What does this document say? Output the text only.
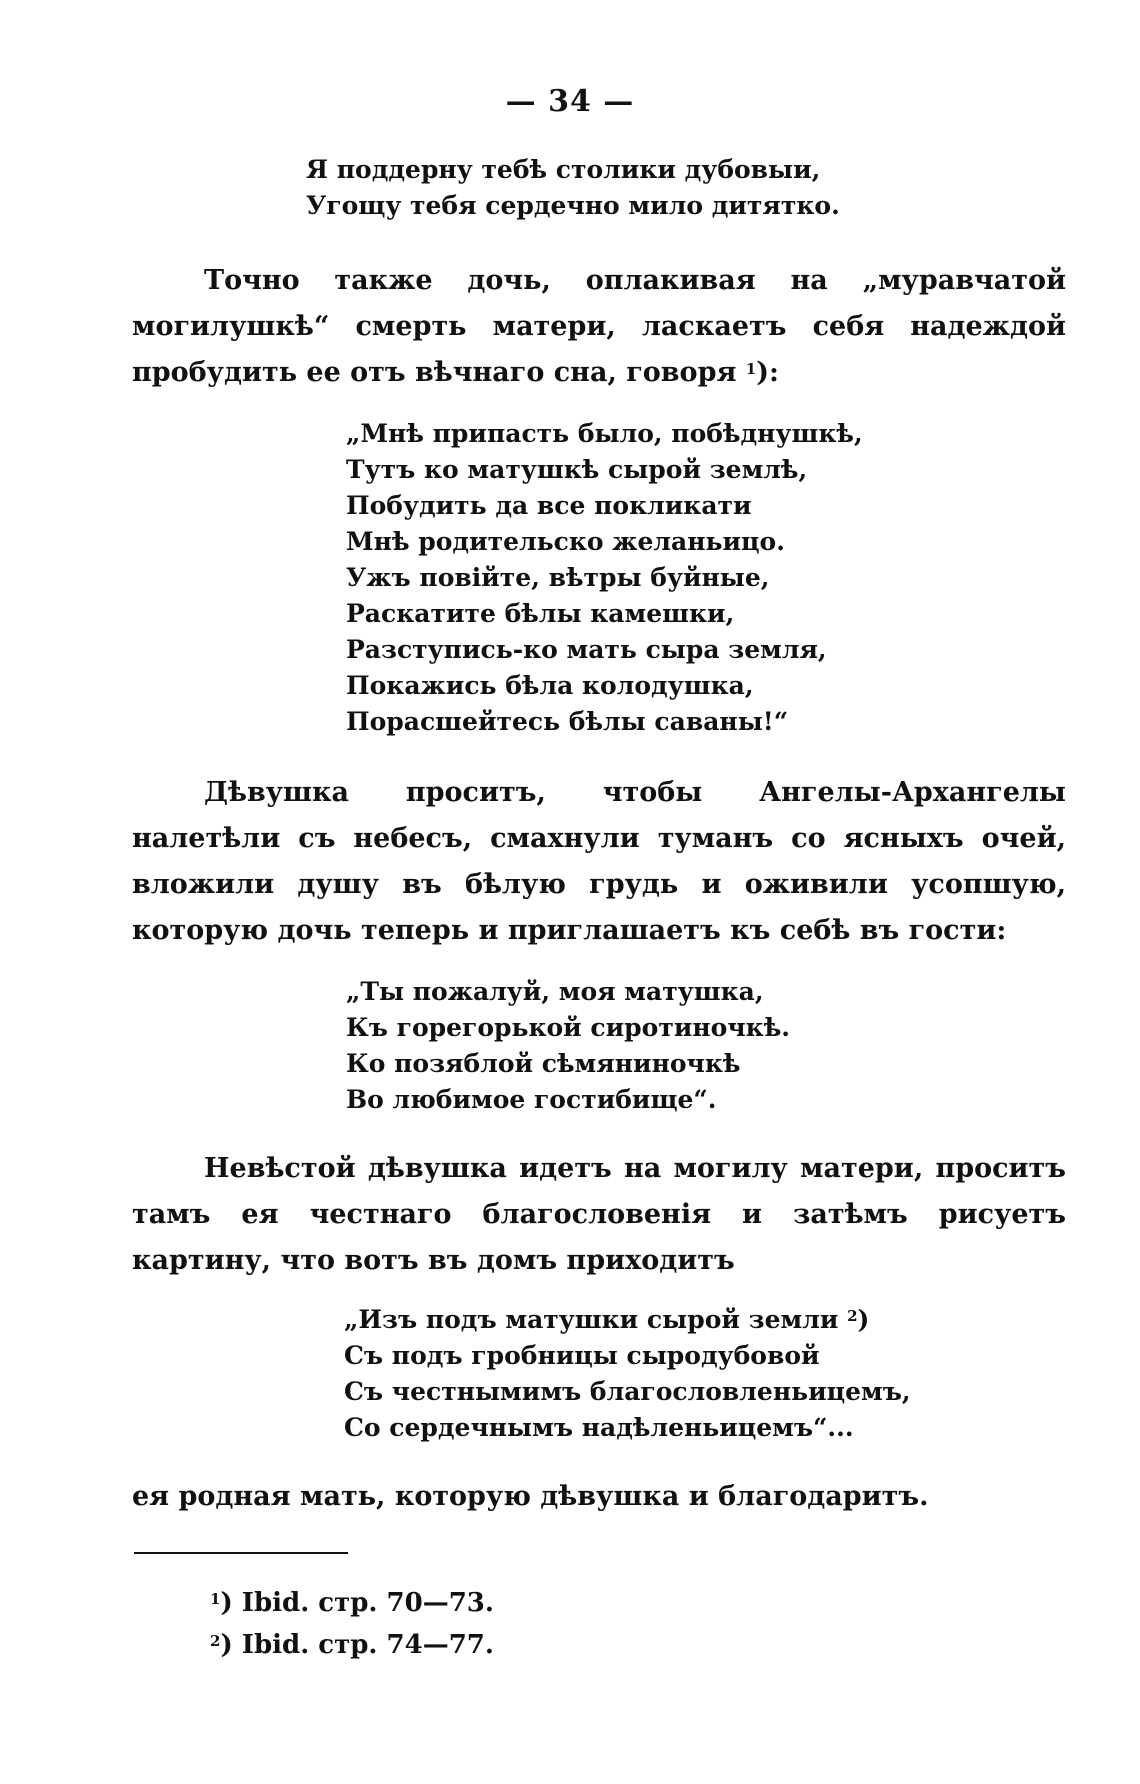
— 34 —
Я поддерну тебѣ столики дубовыи,
Угощу тебя сердечно мило дитятко.
Точно также дочь, оплакивая на „муравчатой могилушкѣ“ смерть матери, ласкаетъ себя надеждой пробудить ее отъ вѣчнаго сна, говоря $^1$):
„Мнѣ припасть было, побѣднушкѣ,
Тутъ ко матушкѣ сырой землѣ,
Побудить да все покликати
Мнѣ родительско желаньицо.
Ужъ повiйте, вѣтры буйные,
Раскатите бѣлы камешки,
Разступись-ко мать сыра земля,
Покажись бѣла колодушка,
Порасшейтесь бѣлы саваны!“
Дѣвушка проситъ, чтобы Ангелы-Архангелы налетѣли съ небесъ, смахнули туманъ со ясныхъ очей, вложили душу въ бѣлую грудь и оживили усопшую, которую дочь теперь и приглашаетъ къ себѣ въ гости:
„Ты пожалуй, моя матушка,
Къ горегорькой сиротиночкѣ.
Ко позяблой сѣмяниночкѣ
Во любимое гостибище“.
Невѣстой дѣвушка идетъ на могилу матери, проситъ тамъ ея честнаго благословенія и затѣмъ рисуетъ картину, что вотъ въ домъ приходитъ
„Изъ подъ матушки сырой земли $^2$)
Съ подъ гробницы сыродубовой
Съ честнымимъ благословленьицемъ,
Со сердечнымъ надѣленьицемъ“...
ея родная мать, которую дѣвушка и благодаритъ.
$^1$) Ibid. стр. 70—73.
$^2$) Ibid. стр. 74—77.
